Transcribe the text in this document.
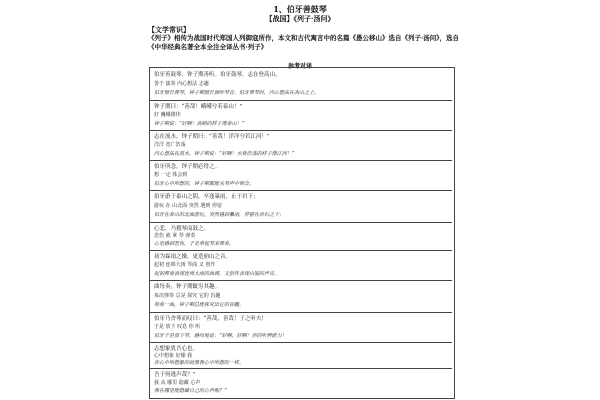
1、伯牙善鼓琴
【战国】《列子·汤问》
【文学常识】
《列子》相传为战国时代郑国人列御寇所作，本文和古代寓言中的名篇《愚公移山》选自《列子·汤问》，选自《中华经典名著全本全注全译丛书·列子》
参考对译
伯牙善鼓琴，钟子期善听。伯牙鼓琴，志在登高山。
善于 演奏 内心想法 志趣
伯牙擅长弹琴，钟子期擅长倾听琴音。伯牙弹琴时，内心想法在高山之上。
钟子期曰：“善哉！峨峨兮若泰山！”
好 巍峨雄伟
钟子期说：“好啊！高峻的样子像泰山！”
志在流水，钟子期曰：“善哉！洋洋兮若江河！”
洋洋 宽广浩荡
内心想法在流水，钟子期说：“好啊！水势浩荡的样子像江河！”
伯牙所念，钟子期必得之。
想 一定 体会到
伯牙心中所想的，钟子期都能从琴声中领会。
伯牙游于泰山之阴，卒逢暴雨，止于岩下；
游玩 在 山北面 突然 遇到 停留
伯牙在泰山的北面游玩，突然遇到暴雨，停留在岩石之下；
心悲，乃援琴而鼓之。
悲伤 就 拿 琴 弹奏
心里感到悲伤，于是拿起琴来弹奏。
初为霖雨之操，更造崩山之音。
起初 连绵大雨 琴曲 又 创作
起初弹奏表现连绵大雨的曲调，又创作表现山崩的声音。
曲每奏，钟子期辄穷其趣。
每次弹奏 总是 探究 它的 旨趣
每奏一曲，钟子期总能探究出它的旨趣。
伯牙乃舍琴而叹曰：“善哉，善哉！子之听夫！
于是 放下 叹息 你 听
伯牙于是放下琴，感叹地说：“好啊，好啊！你的听辨能力！
志想象犹吾心也。
心中想象 好像 我
你心中所想象的就像我心中所想的一样。
吾于何逃声哉？”
我 从 哪里 隐藏 心声
我在哪里能隐藏自己的心声呢？”
